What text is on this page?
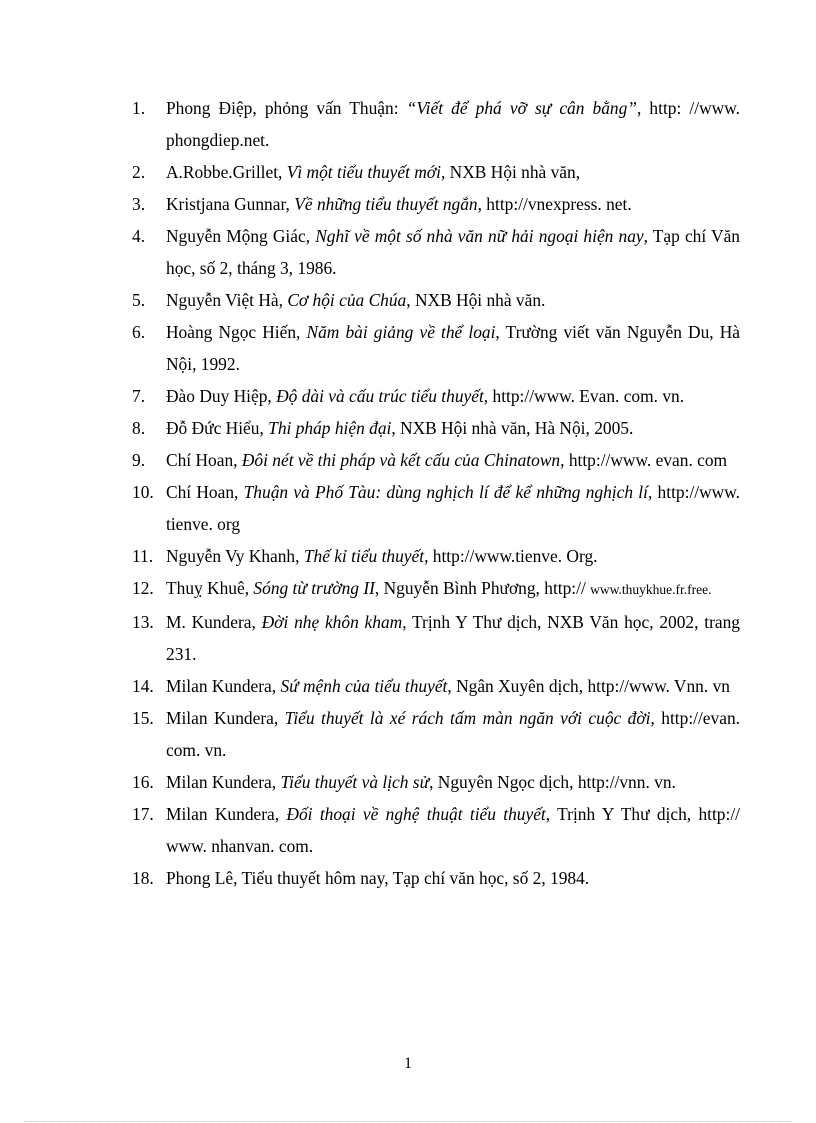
1. Phong Điệp, phỏng vấn Thuận: “Viết để phá vỡ sự cân bằng”, http: //www. phongdiep.net.
2. A.Robbe.Grillet, Vì một tiểu thuyết mới, NXB Hội nhà văn,
3. Kristjana Gunnar, Về những tiểu thuyết ngắn, http://vnexpress. net.
4. Nguyễn Mộng Giác, Nghĩ về một số nhà văn nữ hải ngoại hiện nay, Tạp chí Văn học, số 2, tháng 3, 1986.
5. Nguyễn Việt Hà, Cơ hội của Chúa, NXB Hội nhà văn.
6. Hoàng Ngọc Hiến, Năm bài giảng về thể loại, Trường viết văn Nguyễn Du, Hà Nội, 1992.
7. Đào Duy Hiệp, Độ dài và cấu trúc tiểu thuyết, http://www. Evan. com. vn.
8. Đỗ Đức Hiểu, Thi pháp hiện đại, NXB Hội nhà văn, Hà Nội, 2005.
9. Chí Hoan, Đôi nét về thi pháp và kết cấu của Chinatown, http://www. evan. com
10. Chí Hoan, Thuận và Phố Tàu: dùng nghịch lí để kể những nghịch lí, http://www. tienve. org
11. Nguyễn Vy Khanh, Thế kỉ tiểu thuyết, http://www.tienve. Org.
12. Thuỵ Khuê, Sóng từ trường II, Nguyễn Bình Phương, http:// www.thuykhue.fr.free.
13. M. Kundera, Đời nhẹ khôn kham, Trịnh Y Thư dịch, NXB Văn học, 2002, trang 231.
14. Milan Kundera, Sứ mệnh của tiểu thuyết, Ngân Xuyên dịch, http://www. Vnn. vn
15. Milan Kundera, Tiểu thuyết là xé rách tấm màn ngăn với cuộc đời, http://evan. com. vn.
16. Milan Kundera, Tiểu thuyết và lịch sử, Nguyên Ngọc dịch, http://vnn. vn.
17. Milan Kundera, Đối thoại về nghệ thuật tiểu thuyết, Trịnh Y Thư dịch, http:// www. nhanvan. com.
18. Phong Lê, Tiểu thuyết hôm nay, Tạp chí văn học, số 2, 1984.
1
